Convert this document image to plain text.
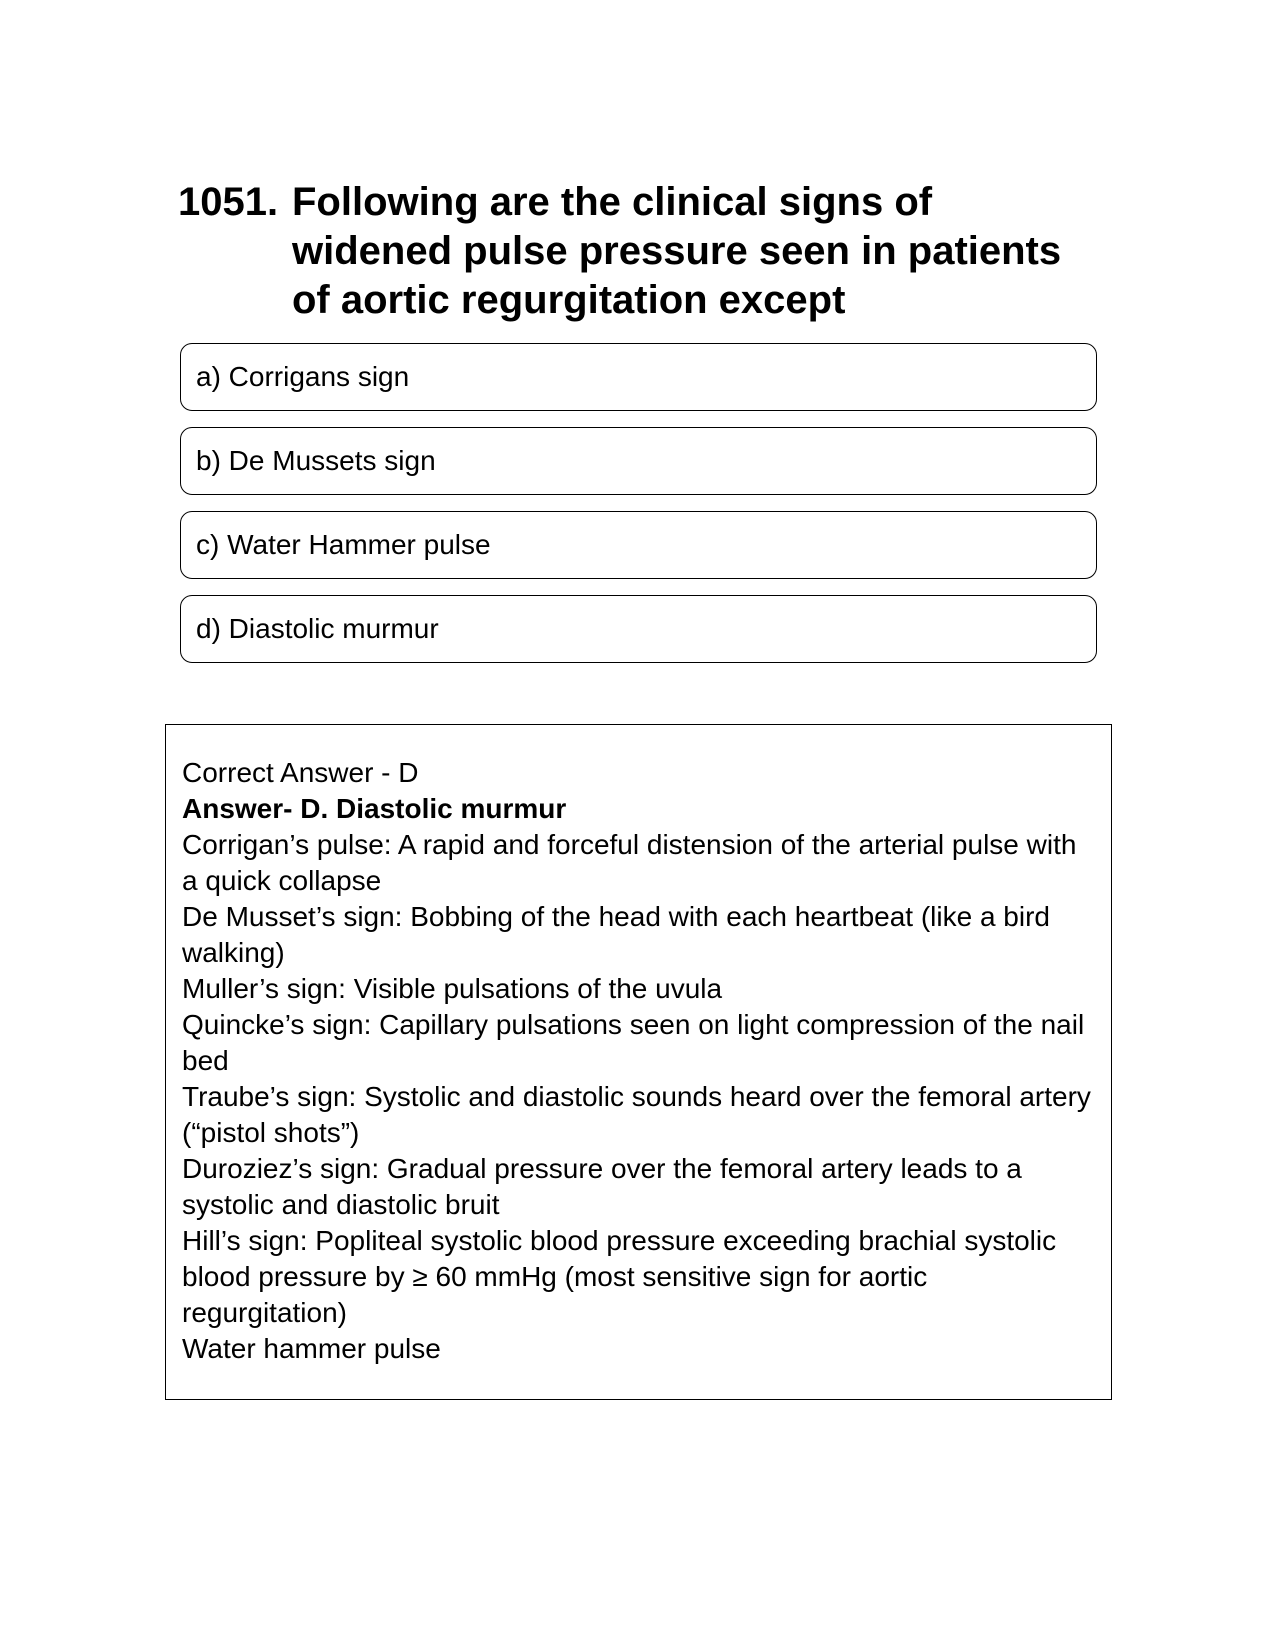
1051. Following are the clinical signs of widened pulse pressure seen in patients of aortic regurgitation except
a) Corrigans sign
b) De Mussets sign
c) Water Hammer pulse
d) Diastolic murmur
Correct Answer - D
Answer- D. Diastolic murmur
Corrigan’s pulse: A rapid and forceful distension of the arterial pulse with a quick collapse
De Musset’s sign: Bobbing of the head with each heartbeat (like a bird walking)
Muller’s sign: Visible pulsations of the uvula
Quincke’s sign: Capillary pulsations seen on light compression of the nail bed
Traube’s sign: Systolic and diastolic sounds heard over the femoral artery (“pistol shots”)
Duroziez’s sign: Gradual pressure over the femoral artery leads to a systolic and diastolic bruit
Hill’s sign: Popliteal systolic blood pressure exceeding brachial systolic blood pressure by ≥ 60 mmHg (most sensitive sign for aortic regurgitation)
Water hammer pulse
